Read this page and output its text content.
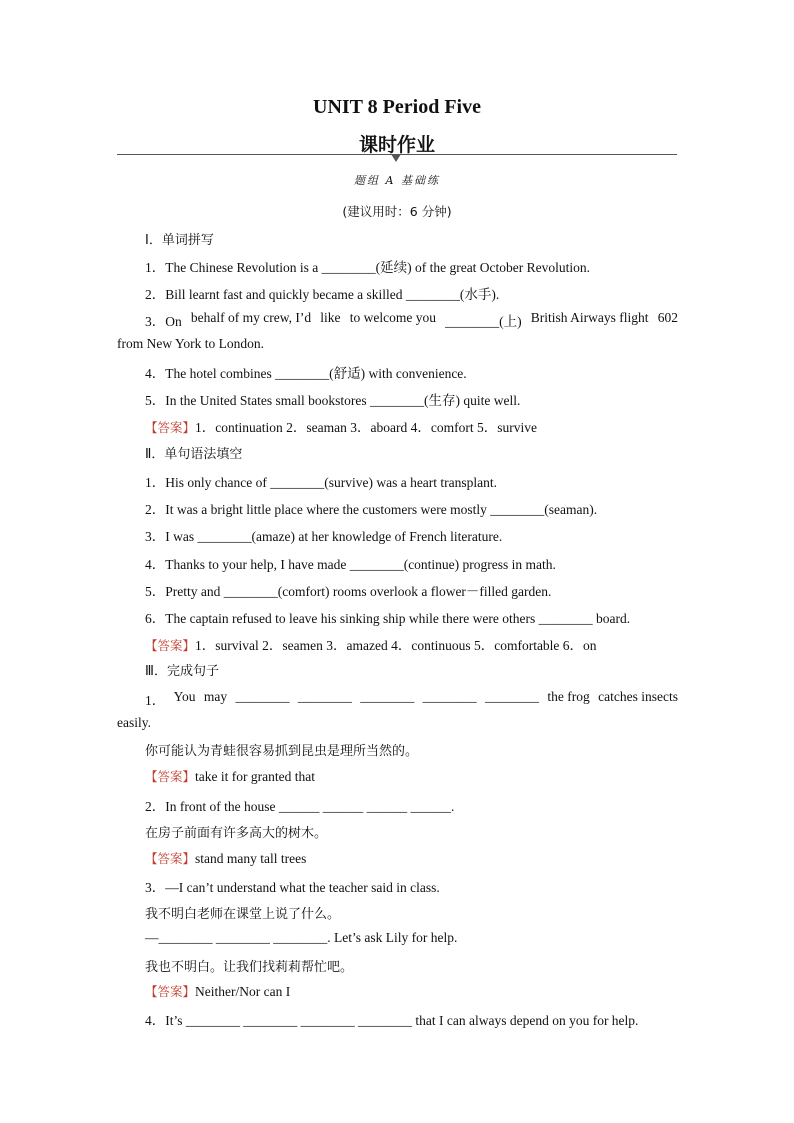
UNIT 8 Period Five
课时作业
题组 A 基础练
(建议用时：6 分钟)
Ⅰ．单词拼写
1．The Chinese Revolution is a ________(延续) of the great October Revolution.
2．Bill learnt fast and quickly became a skilled ________(水手).
3．On behalf of my crew, I’d like to welcome you ________(上) British Airways flight 602
from New York to London.
4．The hotel combines ________(舒适) with convenience.
5．In the United States small bookstores ________(生存) quite well.
【答案】1．continuation 2．seaman 3．aboard 4．comfort 5．survive
Ⅱ．单句语法填空
1．His only chance of ________(survive) was a heart transplant.
2．It was a bright little place where the customers were mostly ________(seaman).
3．I was ________(amaze) at her knowledge of French literature.
4．Thanks to your help, I have made ________(continue) progress in math.
5．Pretty and ________(comfort) rooms overlook a flower－filled garden.
6．The captain refused to leave his sinking ship while there were others ________ board.
【答案】1．survival 2．seamen 3．amazed 4．continuous 5．comfortable 6．on
Ⅲ．完成句子
1． You may ________ ________ ________ ________ ________ the frog catches insects
easily.
你可能认为青蛙很容易抓到昆虫是理所当然的。
【答案】take it for granted that
2．In front of the house ______ ______ ______ ______.
在房子前面有许多高大的树木。
【答案】stand many tall trees
3．—I can’t understand what the teacher said in class.
我不明白老师在课堂上说了什么。
—________ ________ ________. Let’s ask Lily for help.
我也不明白。让我们找莉莉帮忙吧。
【答案】Neither/Nor can I
4．It’s ________ ________ ________ ________ that I can always depend on you for help.
